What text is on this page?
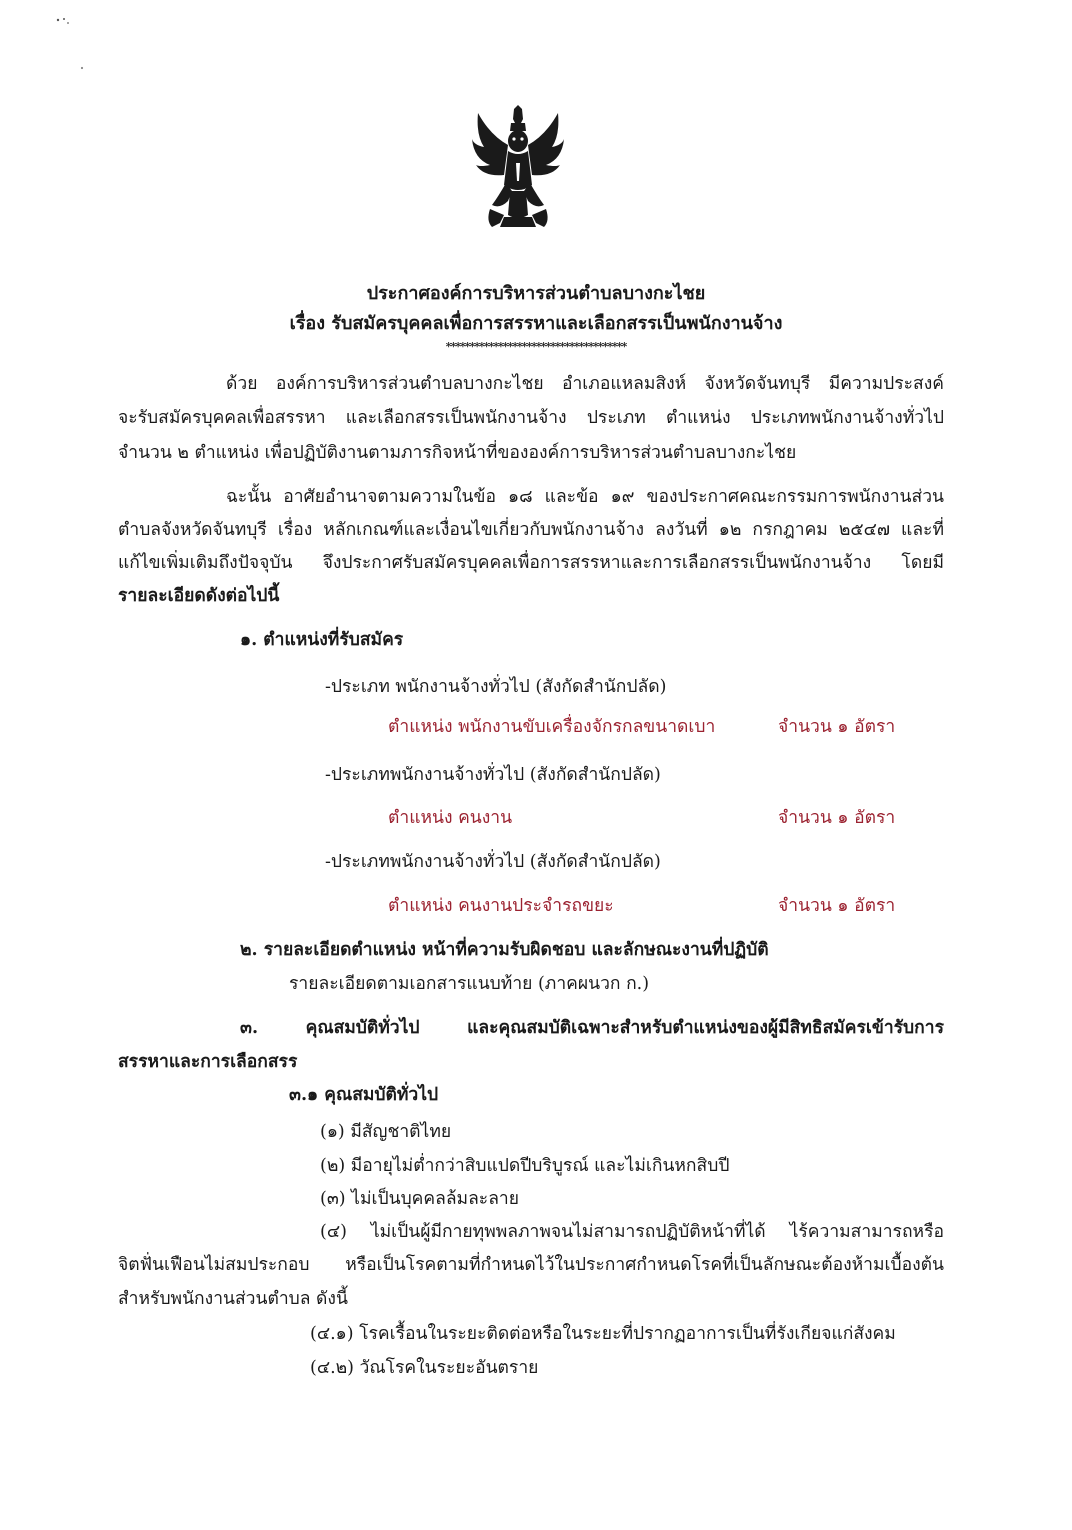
ประกาศองค์การบริหารส่วนตำบลบางกะไชย
เรื่อง รับสมัครบุคคลเพื่อการสรรหาและเลือกสรรเป็นพนักงานจ้าง
**************************************
ด้วย องค์การบริหารส่วนตำบลบางกะไชย อำเภอแหลมสิงห์ จังหวัดจันทบุรี มีความประสงค์
จะรับสมัครบุคคลเพื่อสรรหา และเลือกสรรเป็นพนักงานจ้าง ประเภท ตำแหน่ง ประเภทพนักงานจ้างทั่วไป
จำนวน ๒ ตำแหน่ง เพื่อปฏิบัติงานตามภารกิจหน้าที่ขององค์การบริหารส่วนตำบลบางกะไชย
ฉะนั้น อาศัยอำนาจตามความในข้อ ๑๘ และข้อ ๑๙ ของประกาศคณะกรรมการพนักงานส่วน
ตำบลจังหวัดจันทบุรี เรื่อง หลักเกณฑ์และเงื่อนไขเกี่ยวกับพนักงานจ้าง ลงวันที่ ๑๒ กรกฎาคม ๒๕๔๗ และที่
แก้ไขเพิ่มเติมถึงปัจจุบัน จึงประกาศรับสมัครบุคคลเพื่อการสรรหาและการเลือกสรรเป็นพนักงานจ้าง โดยมี
รายละเอียดดังต่อไปนี้
๑. ตำแหน่งที่รับสมัคร
-ประเภท พนักงานจ้างทั่วไป (สังกัดสำนักปลัด)
ตำแหน่ง พนักงานขับเครื่องจักรกลขนาดเบา	จำนวน ๑ อัตรา
-ประเภทพนักงานจ้างทั่วไป (สังกัดสำนักปลัด)
ตำแหน่ง คนงาน	จำนวน ๑ อัตรา
-ประเภทพนักงานจ้างทั่วไป (สังกัดสำนักปลัด)
ตำแหน่ง คนงานประจำรถขยะ	จำนวน ๑ อัตรา
๒. รายละเอียดตำแหน่ง หน้าที่ความรับผิดชอบ และลักษณะงานที่ปฏิบัติ
รายละเอียดตามเอกสารแนบท้าย (ภาคผนวก ก.)
๓. คุณสมบัติทั่วไป และคุณสมบัติเฉพาะสำหรับตำแหน่งของผู้มีสิทธิสมัครเข้ารับการ
สรรหาและการเลือกสรร
๓.๑ คุณสมบัติทั่วไป
(๑) มีสัญชาติไทย
(๒) มีอายุไม่ต่ำกว่าสิบแปดปีบริบูรณ์ และไม่เกินหกสิบปี
(๓) ไม่เป็นบุคคลล้มละลาย
(๔) ไม่เป็นผู้มีกายทุพพลภาพจนไม่สามารถปฏิบัติหน้าที่ได้ ไร้ความสามารถหรือ
จิตฟั่นเฟือนไม่สมประกอบ หรือเป็นโรคตามที่กำหนดไว้ในประกาศกำหนดโรคที่เป็นลักษณะต้องห้ามเบื้องต้น
สำหรับพนักงานส่วนตำบล ดังนี้
(๔.๑) โรคเรื้อนในระยะติดต่อหรือในระยะที่ปรากฏอาการเป็นที่รังเกียจแก่สังคม
(๔.๒) วัณโรคในระยะอันตราย
